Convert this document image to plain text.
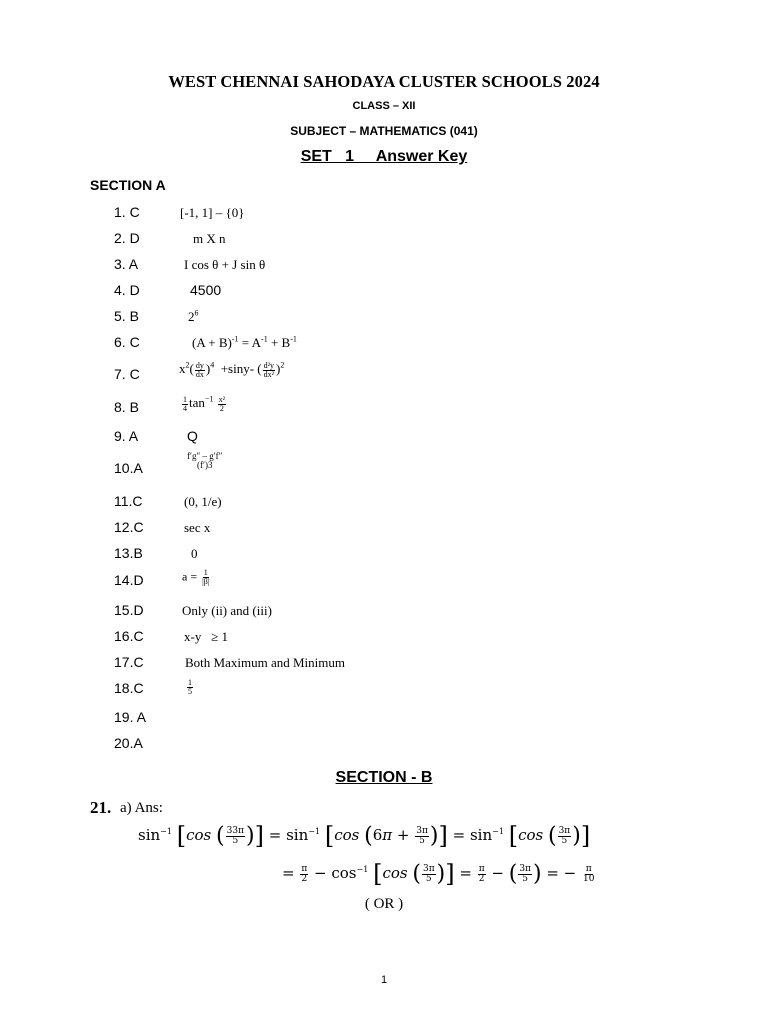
WEST CHENNAI SAHODAYA CLUSTER SCHOOLS 2024
CLASS – XII
SUBJECT – MATHEMATICS (041)
SET   1     Answer Key
SECTION A
1. C	[-1, 1] – {0}
2. D	m X n
3. A	I cos θ + J sin θ
4. D	4500
5. B	$2^6$
6. C	$(A + B)^{-1} = A^{-1} + B^{-1}$
7. C	$x^2( \frac{dy}{dx} )^4 +\sin y-$ ( $\frac{\text{d²y}}{\text{dx²}} )^2$
8. B	$\frac{1}{4} \tan^{-1} \frac{\text{x²}}{2}$
9. A	Q
10.A
f′g″ – g′f″
(f′)3
11.C	(0, 1/e)
12.C	sec x
13.B	0
14.D	$a = \frac{1}{|\beta|}$
15.D	Only (ii) and (iii)
16.C	x-y   ≥ 1
17.C	Both Maximum and Minimum
18.C	$\frac{1}{5}$
19. A
20.A
SECTION - B
21. a) Ans:
$\sin^{-1} [\cos$ ( $\frac{33\pi}{5}$ )] = $\sin^{-1} [\cos$ ($6\pi + \frac{3\pi}{5}$ )] = $\sin^{-1} [\cos$ ( $\frac{3\pi}{5}$ )]
= $\frac{\pi}{2} - \cos^{-1} [\cos$ ( $\frac{3\pi}{5}$ )] = $\frac{\pi}{2}$ − ( $\frac{3\pi}{5}$ ) = − $\frac{\pi}{10}$
( OR )
1
